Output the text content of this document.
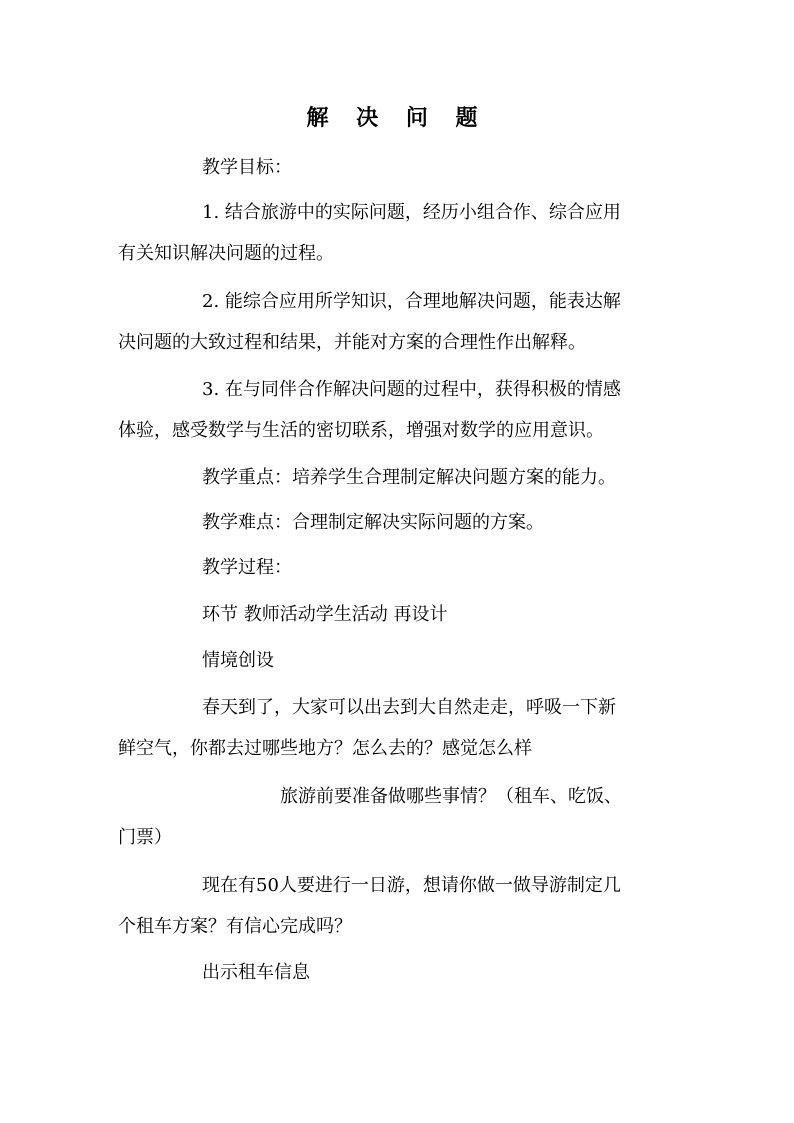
解 决 问 题

教学目标：

1. 结合旅游中的实际问题，经历小组合作、综合应用

有关知识解决问题的过程。

2. 能综合应用所学知识，合理地解决问题，能表达解

决问题的大致过程和结果，并能对方案的合理性作出解释。

3. 在与同伴合作解决问题的过程中，获得积极的情感

体验，感受数学与生活的密切联系，增强对数学的应用意识。

教学重点：培养学生合理制定解决问题方案的能力。

教学难点：合理制定解决实际问题的方案。

教学过程：

环节 教师活动学生活动 再设计

情境创设

春天到了，大家可以出去到大自然走走，呼吸一下新

鲜空气，你都去过哪些地方？怎么去的？感觉怎么样

旅游前要准备做哪些事情？（租车、吃饭、

门票）

现在有50人要进行一日游，想请你做一做导游制定几

个租车方案？有信心完成吗？

出示租车信息
